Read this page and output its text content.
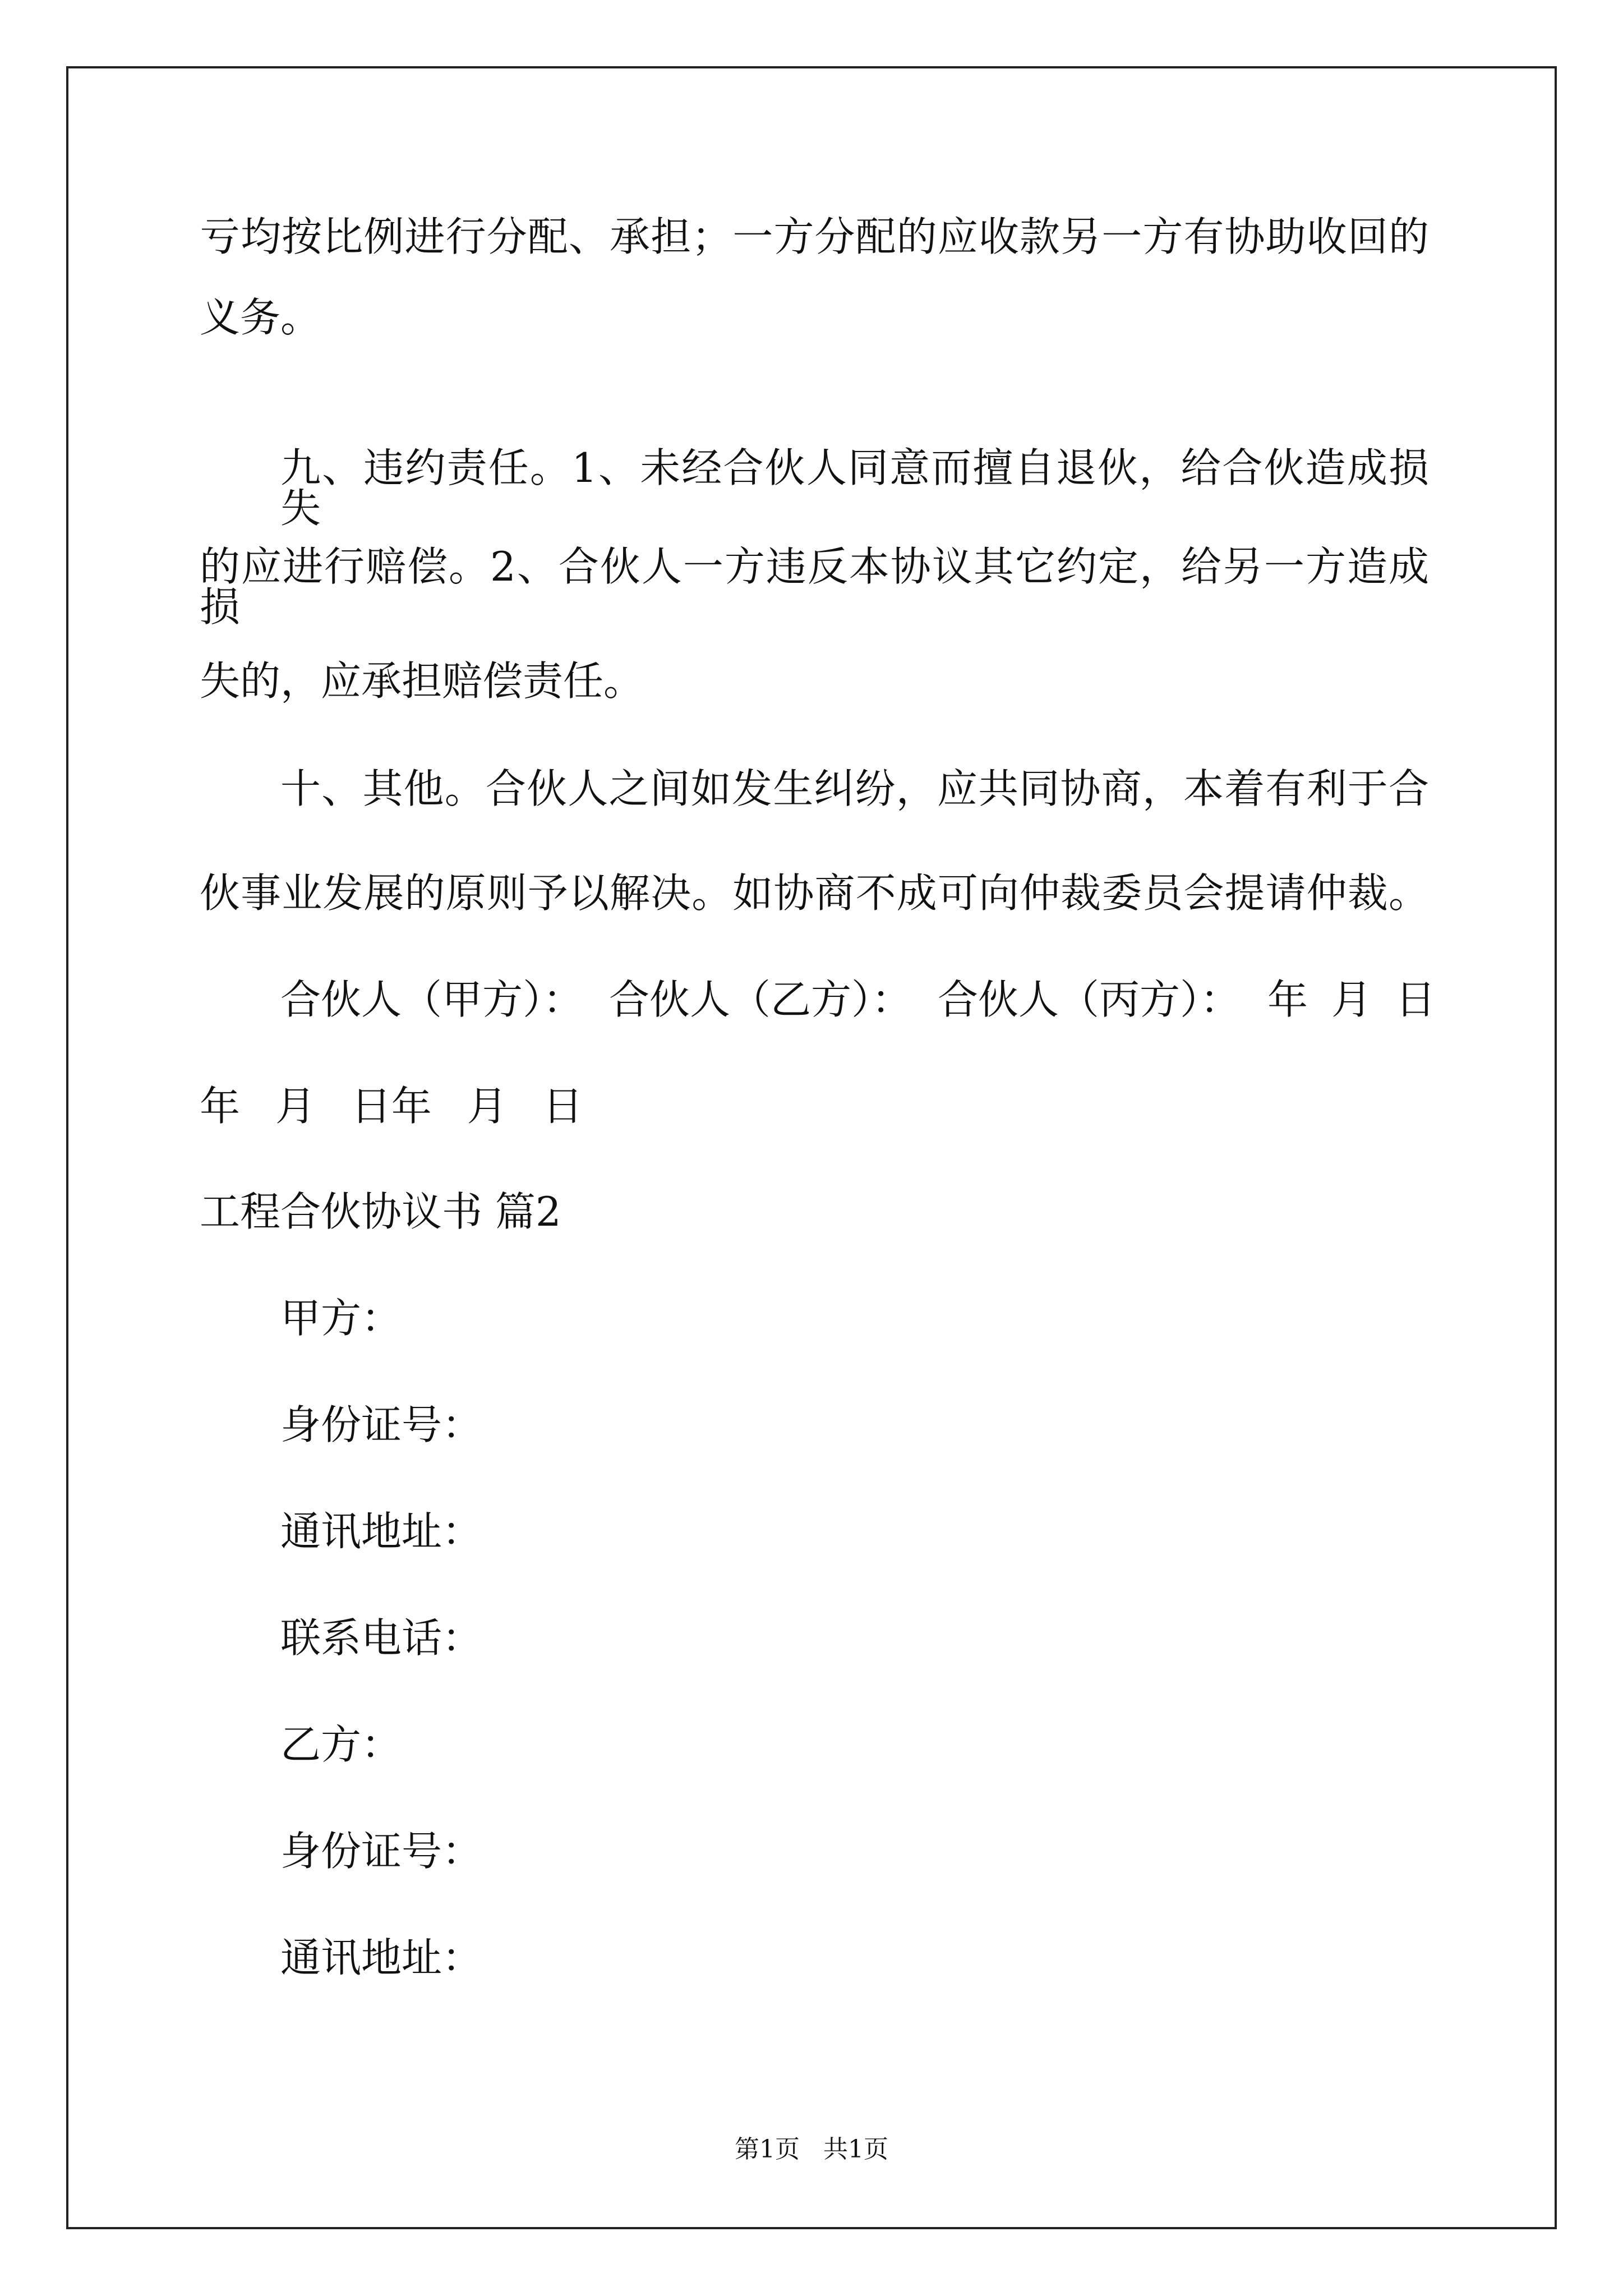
亏均按比例进行分配、承担；一方分配的应收款另一方有协助收回的
义务。
九、违约责任。1、未经合伙人同意而擅自退伙，给合伙造成损失
的应进行赔偿。2、合伙人一方违反本协议其它约定，给另一方造成损
失的，应承担赔偿责任。
十、其他。合伙人之间如发生纠纷，应共同协商，本着有利于合
伙事业发展的原则予以解决。如协商不成可向仲裁委员会提请仲裁。
合伙人（甲方）： 合伙人（乙方）： 合伙人（丙方）： 年 月 日
年 月 日年 月 日
工程合伙协议书 篇2
甲方：
身份证号：
通讯地址：
联系电话：
乙方：
身份证号：
通讯地址：
第1页   共1页
